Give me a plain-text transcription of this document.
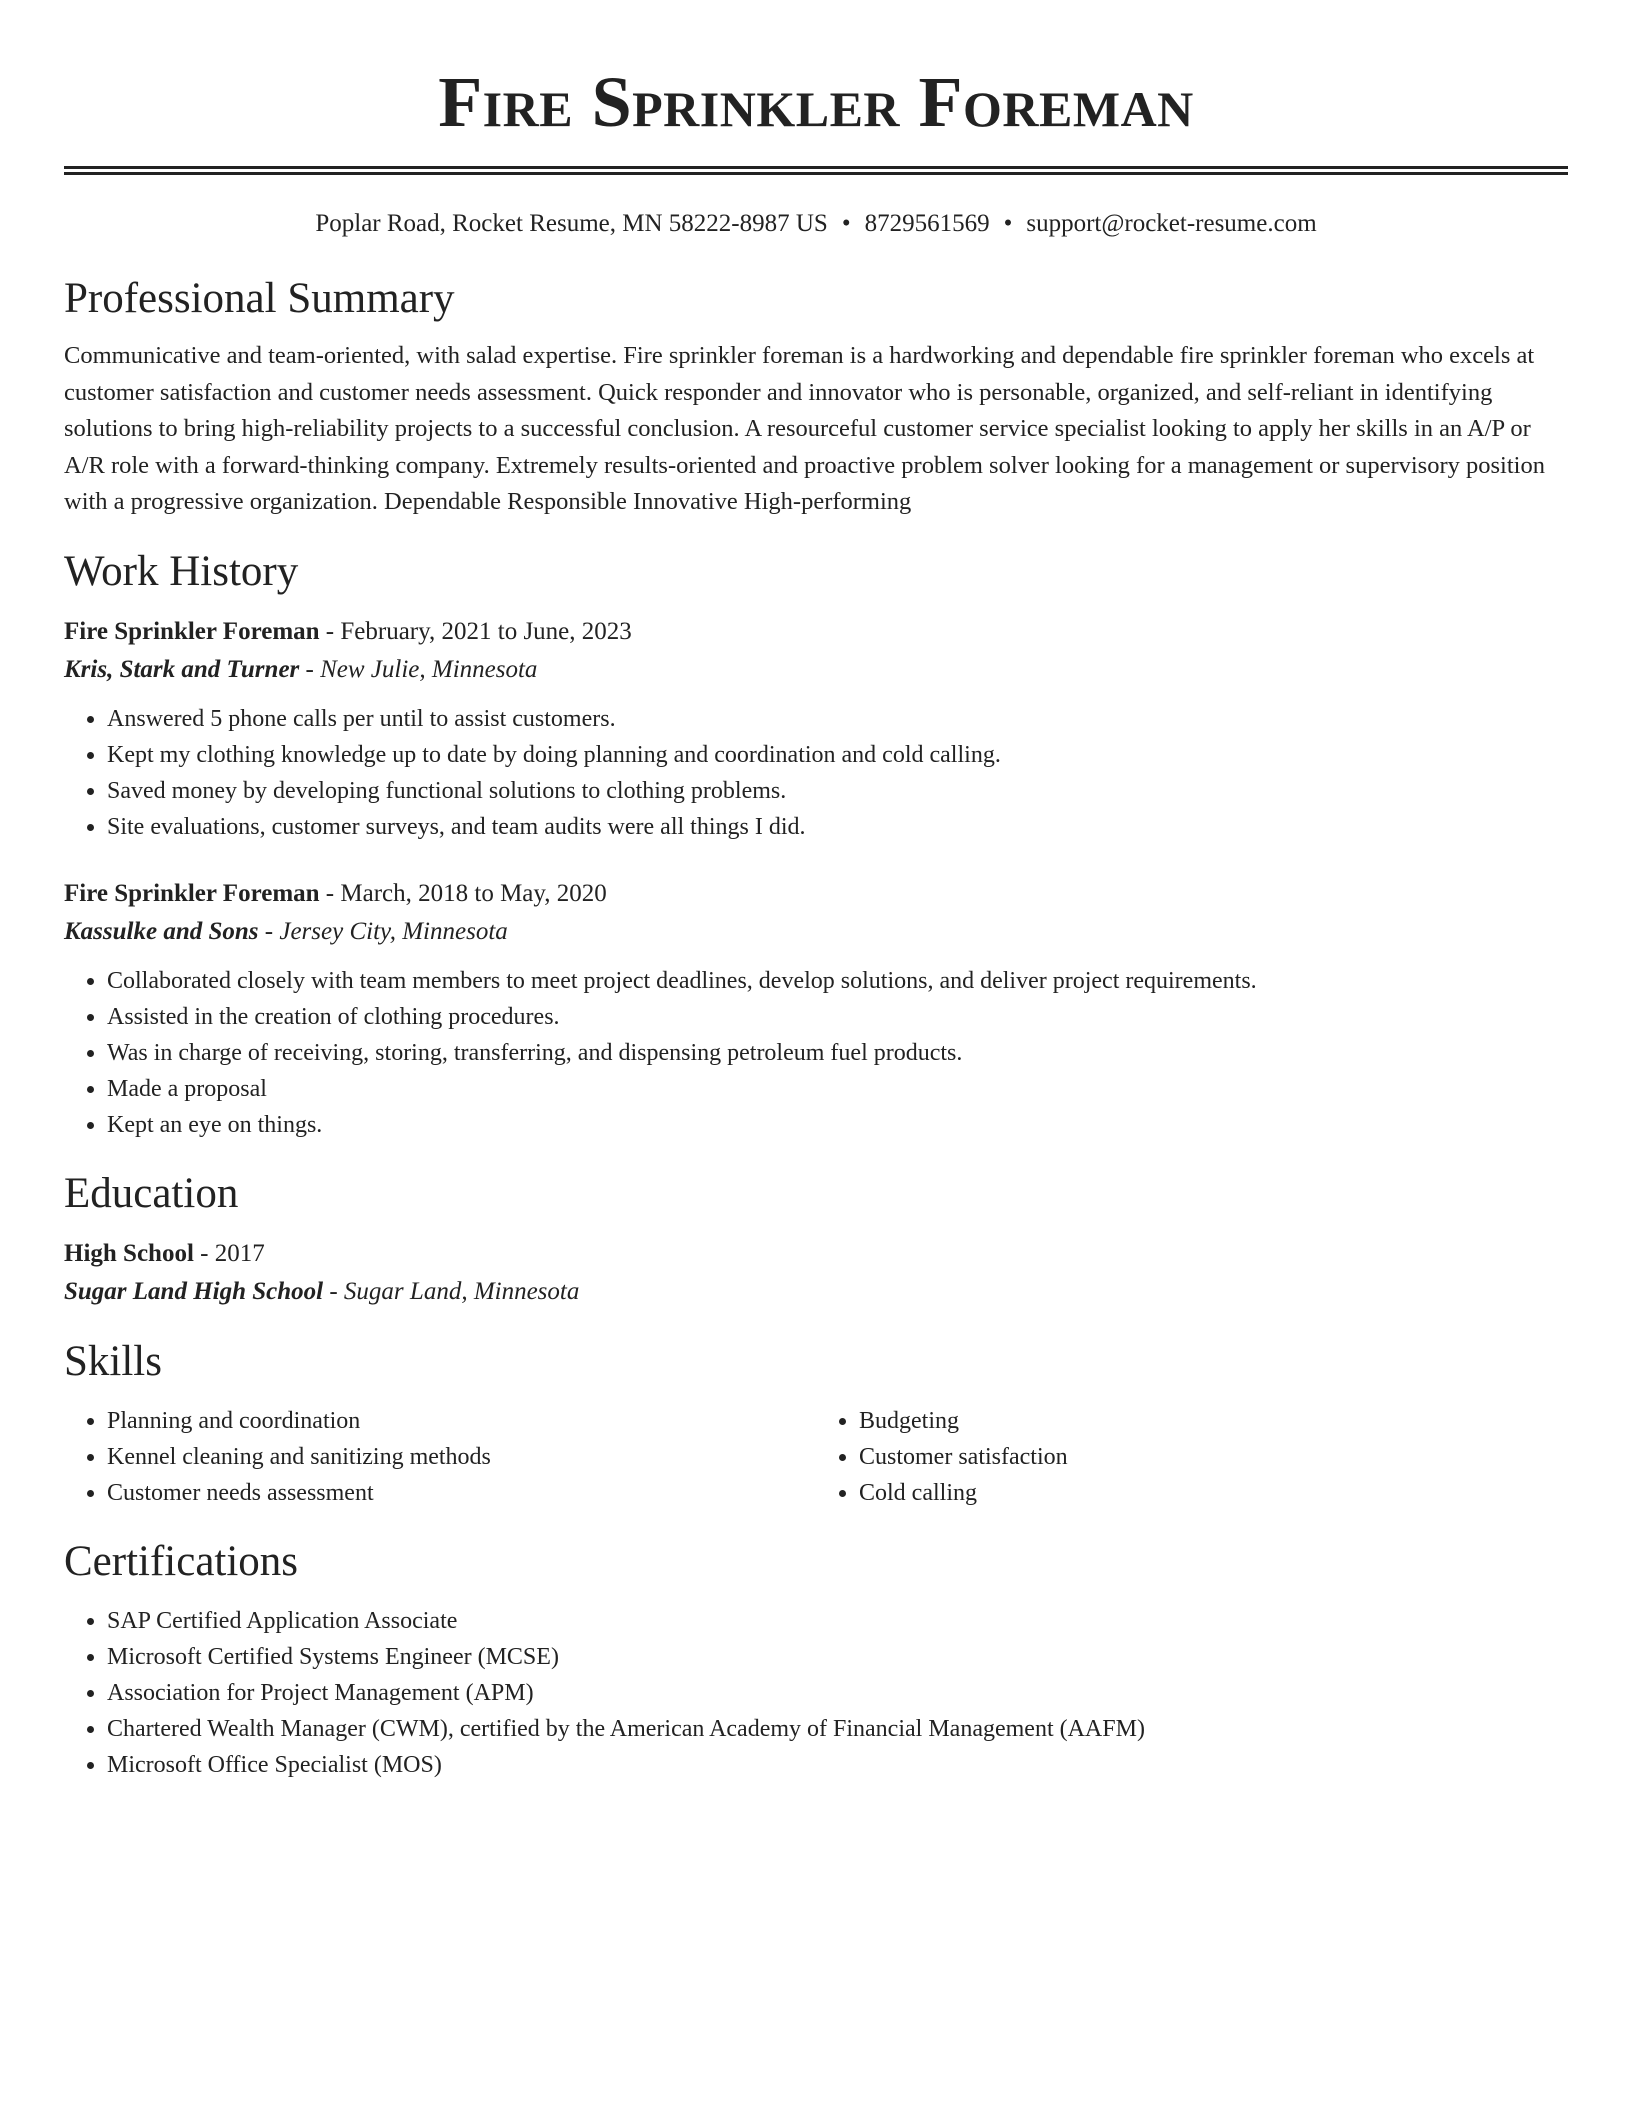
Fire Sprinkler Foreman
Poplar Road, Rocket Resume, MN 58222-8987 US • 8729561569 • support@rocket-resume.com
Professional Summary
Communicative and team-oriented, with salad expertise. Fire sprinkler foreman is a hardworking and dependable fire sprinkler foreman who excels at customer satisfaction and customer needs assessment. Quick responder and innovator who is personable, organized, and self-reliant in identifying solutions to bring high-reliability projects to a successful conclusion. A resourceful customer service specialist looking to apply her skills in an A/P or A/R role with a forward-thinking company. Extremely results-oriented and proactive problem solver looking for a management or supervisory position with a progressive organization. Dependable Responsible Innovative High-performing
Work History
Fire Sprinkler Foreman - February, 2021 to June, 2023
Kris, Stark and Turner - New Julie, Minnesota
• Answered 5 phone calls per until to assist customers.
• Kept my clothing knowledge up to date by doing planning and coordination and cold calling.
• Saved money by developing functional solutions to clothing problems.
• Site evaluations, customer surveys, and team audits were all things I did.
Fire Sprinkler Foreman - March, 2018 to May, 2020
Kassulke and Sons - Jersey City, Minnesota
• Collaborated closely with team members to meet project deadlines, develop solutions, and deliver project requirements.
• Assisted in the creation of clothing procedures.
• Was in charge of receiving, storing, transferring, and dispensing petroleum fuel products.
• Made a proposal
• Kept an eye on things.
Education
High School - 2017
Sugar Land High School - Sugar Land, Minnesota
Skills
• Planning and coordination
• Kennel cleaning and sanitizing methods
• Customer needs assessment
• Budgeting
• Customer satisfaction
• Cold calling
Certifications
• SAP Certified Application Associate
• Microsoft Certified Systems Engineer (MCSE)
• Association for Project Management (APM)
• Chartered Wealth Manager (CWM), certified by the American Academy of Financial Management (AAFM)
• Microsoft Office Specialist (MOS)
